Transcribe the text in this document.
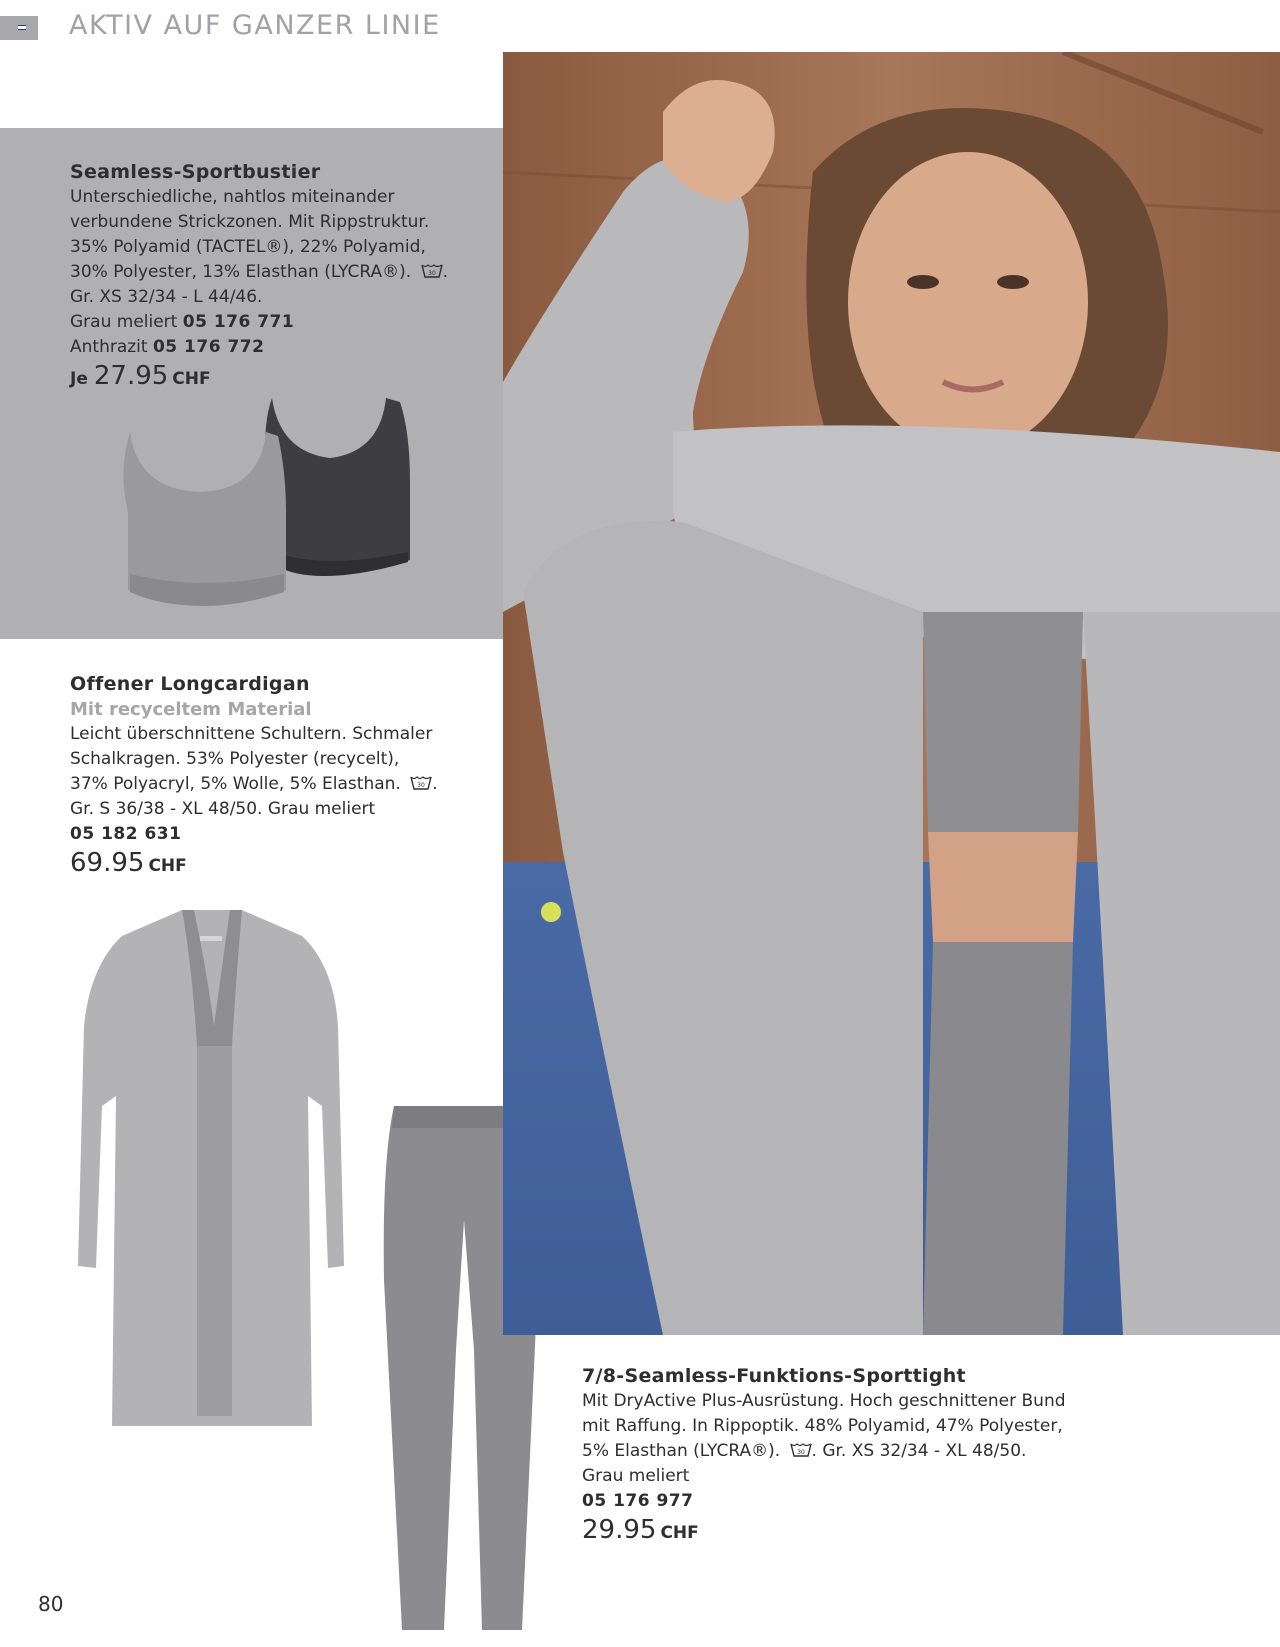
AKTIV AUF GANZER LINIE
Seamless-Sportbustier
Unterschiedliche, nahtlos miteinander
verbundene Strickzonen. Mit Rippstruktur.
35% Polyamid (TACTEL®), 22% Polyamid,
30% Polyester, 13% Elasthan (LYCRA®).	30 .
Gr. XS 32/34 - L 44/46.
Grau meliert 05 176 771
Anthrazit 05 176 772
Je 27.95 CHF
Offener Longcardigan
Mit recyceltem Material
Leicht überschnittene Schultern. Schmaler
Schalkragen. 53% Polyester (recycelt),
37% Polyacryl, 5% Wolle, 5% Elasthan.	30 .
Gr. S 36/38 - XL 48/50. Grau meliert
05 182 631
69.95 CHF
7/8-Seamless-Funktions-Sporttight
Mit DryActive Plus-Ausrüstung. Hoch geschnittener Bund
mit Raffung. In Rippoptik. 48% Polyamid, 47% Polyester,
5% Elasthan (LYCRA®).	30 . Gr. XS 32/34 - XL 48/50.
Grau meliert
05 176 977
29.95 CHF
80
